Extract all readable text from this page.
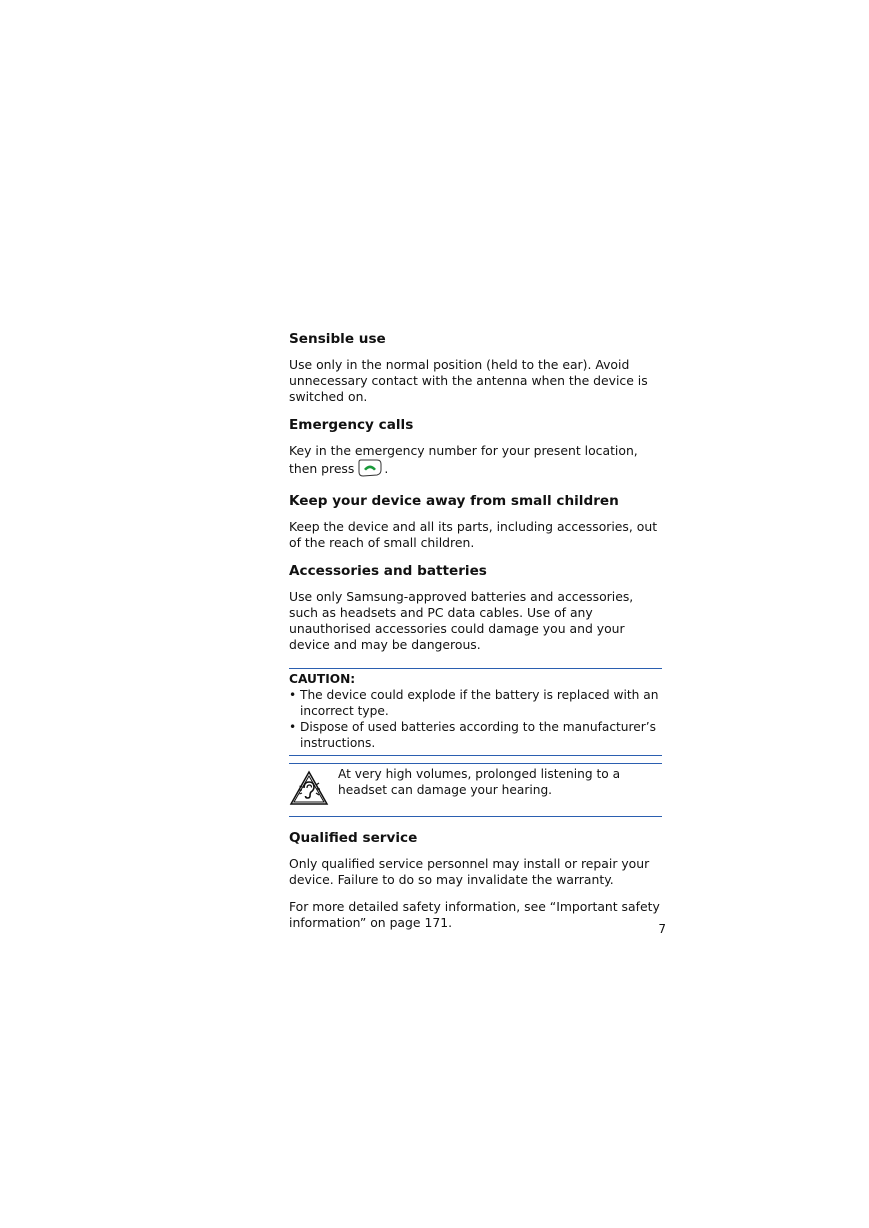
Sensible use

Use only in the normal position (held to the ear). Avoid unnecessary contact with the antenna when the device is switched on.

Emergency calls

Key in the emergency number for your present location, then press .

Keep your device away from small children

Keep the device and all its parts, including accessories, out of the reach of small children.

Accessories and batteries

Use only Samsung-approved batteries and accessories, such as headsets and PC data cables. Use of any unauthorised accessories could damage you and your device and may be dangerous.

CAUTION:
• The device could explode if the battery is replaced with an incorrect type.
• Dispose of used batteries according to the manufacturer’s instructions.
At very high volumes, prolonged listening to a headset can damage your hearing.
Qualified service

Only qualified service personnel may install or repair your device. Failure to do so may invalidate the warranty.

For more detailed safety information, see “Important safety information” on page 171.	7
